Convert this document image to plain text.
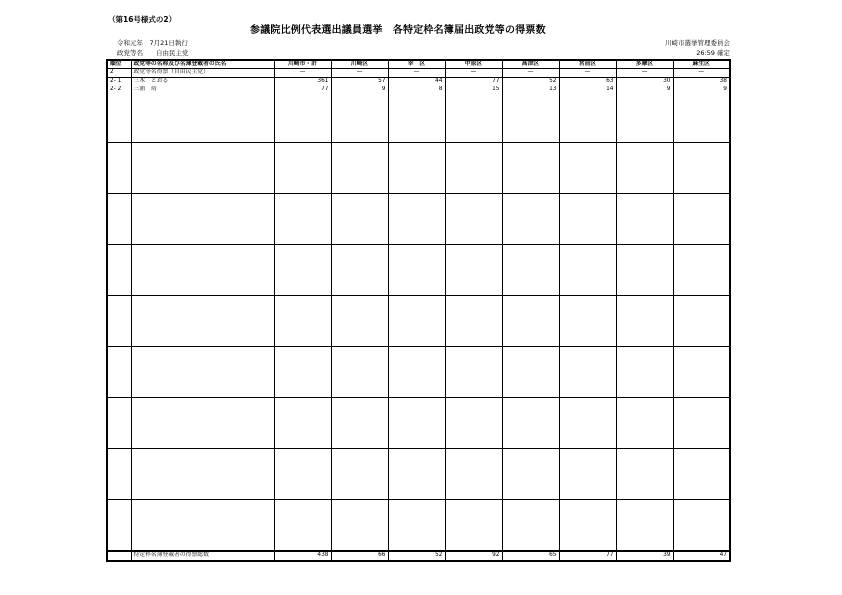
（第16号様式の2）
参議院比例代表選出議員選挙　各特定枠名簿届出政党等の得票数
令和元年　7月21日執行
政党等名　　自由民主党
川崎市選挙管理委員会
26:59 確定
順位	政党等の名称及び名簿登載者の氏名	川崎市・計	川崎区	幸　区	中原区	高津区	宮前区	多摩区	麻生区
2	政党等名得票（自由民主党）	—	—	—	—	—	—	—	—
2- 1	三木　とおる	361	57	44	77	52	63	30	38
2- 2	三浦　靖	77	9	8	15	13	14	9	9

	特定枠名簿登載者の得票総数	438	66	52	92	65	77	39	47
